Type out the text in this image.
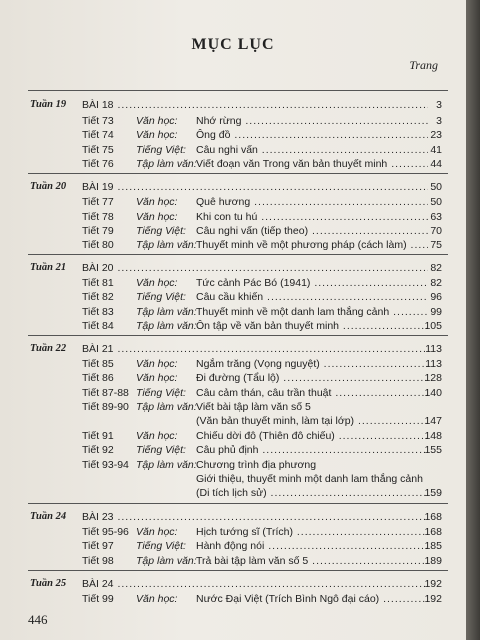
MỤC LỤC
Trang
Tuần 19 BÀI 18 .....	3
Tiết 73 Văn học: Nhớ rừng .....	3
Tiết 74 Văn học: Ông đồ .....	23
Tiết 75 Tiếng Việt: Câu nghi vấn .....	41
Tiết 76 Tập làm văn: Viết đoạn văn Trong văn bản thuyết minh .....	44
Tuần 20 BÀI 19 .....	50
Tiết 77 Văn học: Quê hương .....	50
Tiết 78 Văn học: Khi con tu hú .....	63
Tiết 79 Tiếng Việt: Câu nghi vấn (tiếp theo) .....	70
Tiết 80 Tập làm văn: Thuyết minh về một phương pháp (cách làm) .....	75
Tuần 21 BÀI 20 .....	82
Tiết 81 Văn học: Tức cảnh Pác Bó (1941) .....	82
Tiết 82 Tiếng Việt: Câu cầu khiến .....	96
Tiết 83 Tập làm văn: Thuyết minh về một danh lam thắng cảnh .....	99
Tiết 84 Tập làm văn: Ôn tập về văn bản thuyết minh .....	105
Tuần 22 BÀI 21 .....	113
Tiết 85 Văn học: Ngắm trăng (Vọng nguyệt) .....	113
Tiết 86 Văn học: Đi đường (Tẩu lộ) .....	128
Tiết 87-88 Tiếng Việt: Câu cảm thán, câu trần thuật .....	140
Tiết 89-90 Tập làm văn: Viết bài tập làm văn số 5
(Văn bản thuyết minh, làm tại lớp) .....	147
Tiết 91 Văn học: Chiếu dời đô (Thiên đô chiếu) .....	148
Tiết 92 Tiếng Việt: Câu phủ định .....	155
Tiết 93-94 Tập làm văn: Chương trình địa phương
Giới thiệu, thuyết minh một danh lam thắng cảnh
(Di tích lịch sử) .....	159
Tuần 24 BÀI 23 .....	168
Tiết 95-96 Văn học: Hịch tướng sĩ (Trích) .....	168
Tiết 97 Tiếng Việt: Hành động nói .....	185
Tiết 98 Tập làm văn: Trả bài tập làm văn số 5 .....	189
Tuần 25 BÀI 24 .....	192
Tiết 99 Văn học: Nước Đại Việt (Trích Bình Ngô đại cáo) .....	192
446
